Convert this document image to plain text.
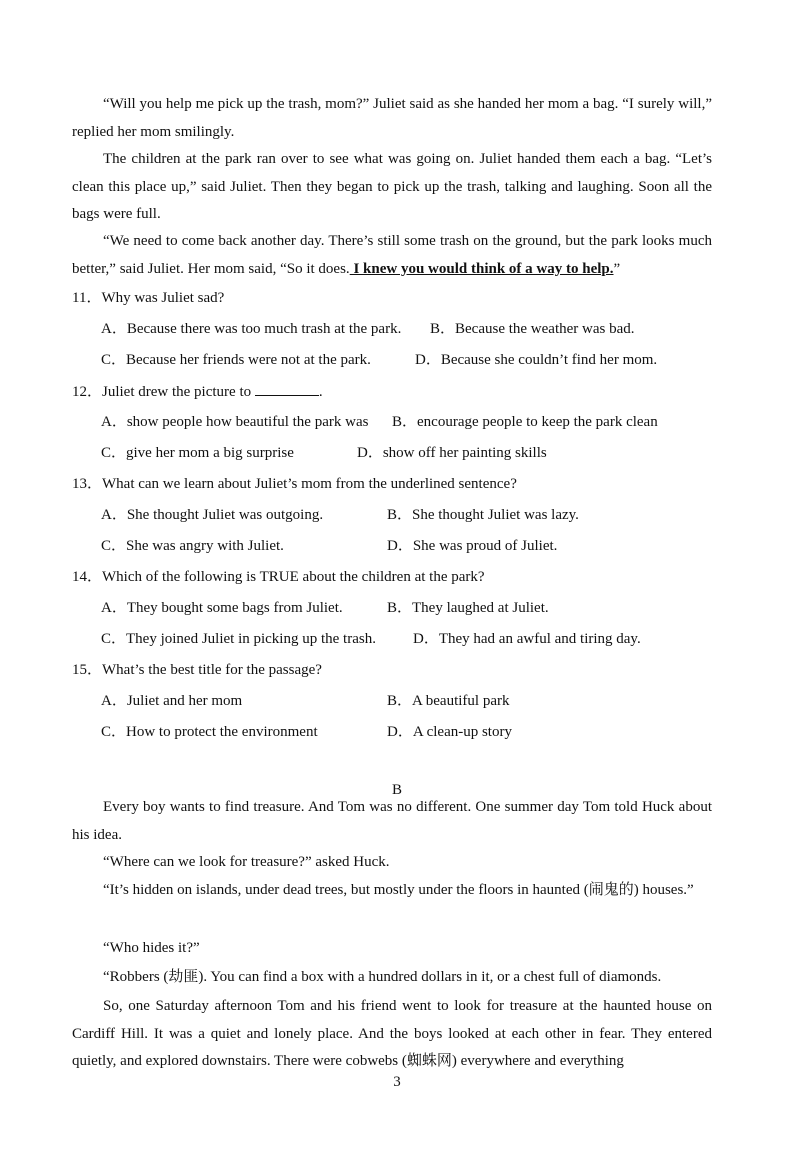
“Will you help me pick up the trash, mom?” Juliet said as she handed her mom a bag. “I surely will,” replied her mom smilingly.

The children at the park ran over to see what was going on. Juliet handed them each a bag. “Let’s clean this place up,” said Juliet. Then they began to pick up the trash, talking and laughing. Soon all the bags were full.

“We need to come back another day. There’s still some trash on the ground, but the park looks much better,” said Juliet. Her mom said, “So it does. I knew you would think of a way to help.”

11．Why was Juliet sad?
A．Because there was too much trash at the park. B．Because the weather was bad.
C．Because her friends were not at the park.	D．Because she couldn’t find her mom.
12．Juliet drew the picture to	.
A．show people how beautiful the park was B．encourage people to keep the park clean
C．give her mom a big surprise	D．show off her painting skills
13．What can we learn about Juliet’s mom from the underlined sentence?
A．She thought Juliet was outgoing.	B．She thought Juliet was lazy.
C．She was angry with Juliet.	D．She was proud of Juliet.
14．Which of the following is TRUE about the children at the park?
A．They bought some bags from Juliet.	B．They laughed at Juliet.
C．They joined Juliet in picking up the trash. D．They had an awful and tiring day.
15．What’s the best title for the passage?
A．Juliet and her mom	B．A beautiful park
C．How to protect the environment	D．A clean-up story
B

Every boy wants to find treasure. And Tom was no different. One summer day Tom told Huck about his idea.

“Where can we look for treasure?” asked Huck.

“It’s hidden on islands, under dead trees, but mostly under the floors in haunted (闹鬼的) houses.”

“Who hides it?”

“Robbers (劫匪). You can find a box with a hundred dollars in it, or a chest full of diamonds.

So, one Saturday afternoon Tom and his friend went to look for treasure at the haunted house on Cardiff Hill. It was a quiet and lonely place. And the boys looked at each other in fear. They entered quietly, and explored downstairs. There were cobwebs (蜘蛛网) everywhere and everything

3
